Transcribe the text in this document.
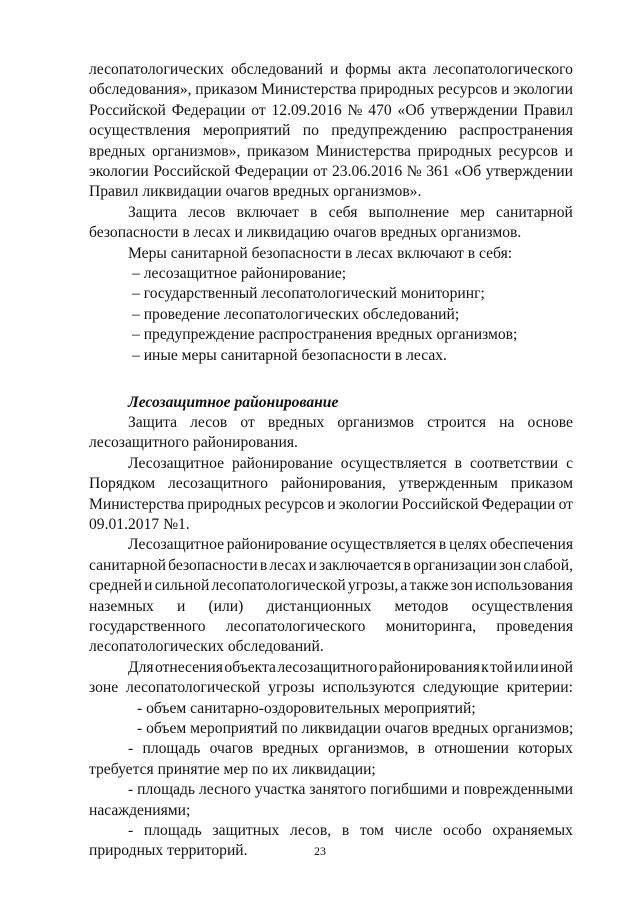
лесопатологических обследований и формы акта лесопатологического
обследования», приказом Министерства природных ресурсов и экологии
Российской Федерации от 12.09.2016 № 470 «Об утверждении Правил
осуществления мероприятий по предупреждению распространения
вредных организмов», приказом Министерства природных ресурсов и
экологии Российской Федерации от 23.06.2016 № 361 «Об утверждении
Правил ликвидации очагов вредных организмов».
Защита лесов включает в себя выполнение мер санитарной
безопасности в лесах и ликвидацию очагов вредных организмов.
Меры санитарной безопасности в лесах включают в себя:
– лесозащитное районирование;
– государственный лесопатологический мониторинг;
– проведение лесопатологических обследований;
– предупреждение распространения вредных организмов;
– иные меры санитарной безопасности в лесах.
Лесозащитное районирование
Защита лесов от вредных организмов строится на основе
лесозащитного районирования.
Лесозащитное районирование осуществляется в соответствии с
Порядком лесозащитного районирования, утвержденным приказом
Министерства природных ресурсов и экологии Российской Федерации от
09.01.2017 №1.
Лесозащитное районирование осуществляется в целях обеспечения
санитарной безопасности в лесах и заключается в организации зон слабой,
средней и сильной лесопатологической угрозы, а также зон использования
наземных и (или) дистанционных методов осуществления
государственного лесопатологического мониторинга, проведения
лесопатологических обследований.
Для отнесения объекта лесозащитного районирования к той или иной
зоне лесопатологической угрозы используются следующие критерии:
- объем санитарно-оздоровительных мероприятий;
- объем мероприятий по ликвидации очагов вредных организмов;
- площадь очагов вредных организмов, в отношении которых
требуется принятие мер по их ликвидации;
- площадь лесного участка занятого погибшими и поврежденными
насаждениями;
- площадь защитных лесов, в том числе особо охраняемых
природных территорий.	23
